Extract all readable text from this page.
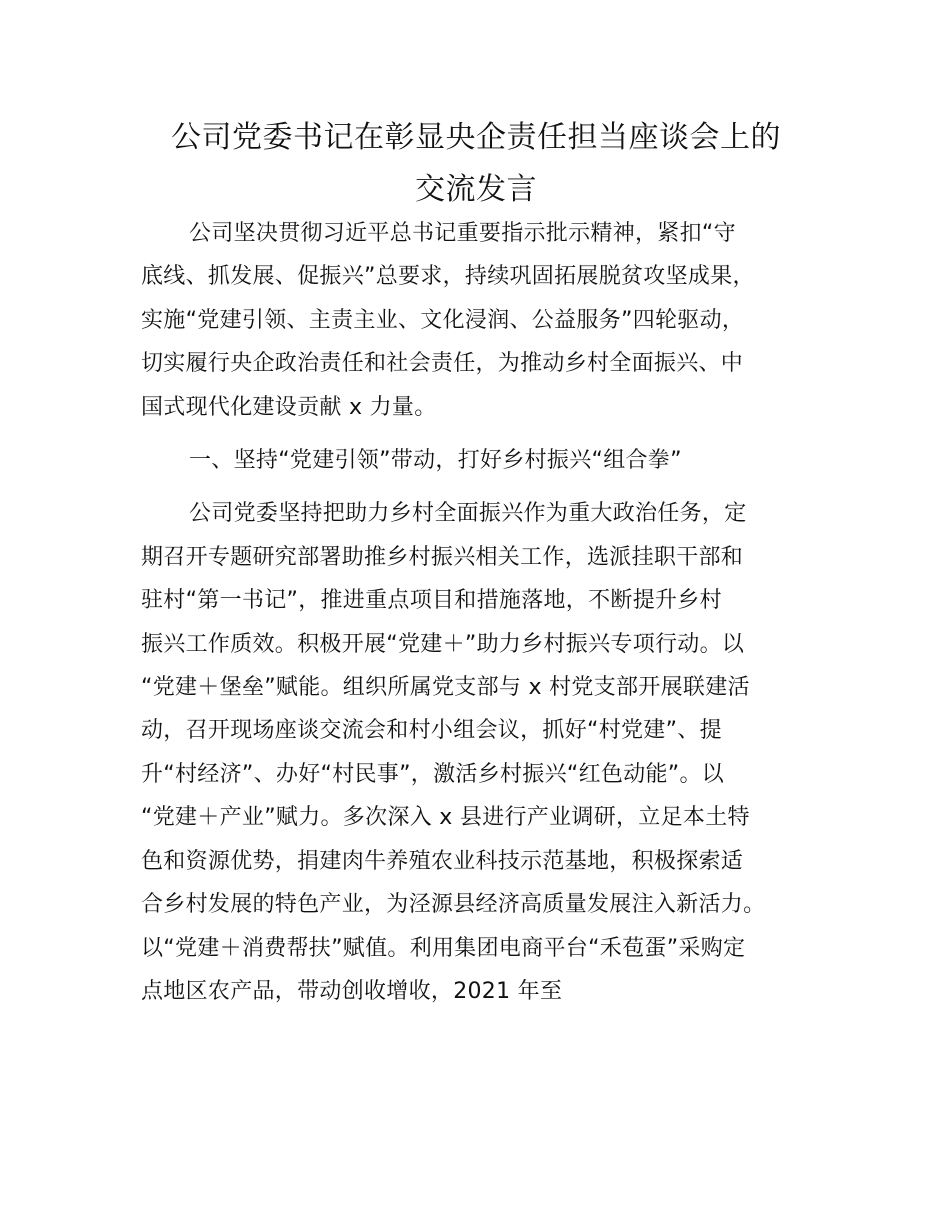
公司党委书记在彰显央企责任担当座谈会上的
交流发言

公司坚决贯彻习近平总书记重要指示批示精神，紧扣“守
底线、抓发展、促振兴”总要求，持续巩固拓展脱贫攻坚成果，
实施“党建引领、主责主业、文化浸润、公益服务”四轮驱动，
切实履行央企政治责任和社会责任，为推动乡村全面振兴、中
国式现代化建设贡献 x 力量。

一、坚持“党建引领”带动，打好乡村振兴“组合拳”

公司党委坚持把助力乡村全面振兴作为重大政治任务，定
期召开专题研究部署助推乡村振兴相关工作，选派挂职干部和
驻村“第一书记”，推进重点项目和措施落地，不断提升乡村
振兴工作质效。积极开展“党建＋”助力乡村振兴专项行动。以
“党建＋堡垒”赋能。组织所属党支部与 x 村党支部开展联建活
动，召开现场座谈交流会和村小组会议，抓好“村党建”、提
升“村经济”、办好“村民事”，激活乡村振兴“红色动能”。以
“党建＋产业”赋力。多次深入 x 县进行产业调研，立足本土特
色和资源优势，捐建肉牛养殖农业科技示范基地，积极探索适
合乡村发展的特色产业，为泾源县经济高质量发展注入新活力。
以“党建＋消费帮扶”赋值。利用集团电商平台“禾苞蛋”采购定
点地区农产品，带动创收增收，2021 年至
